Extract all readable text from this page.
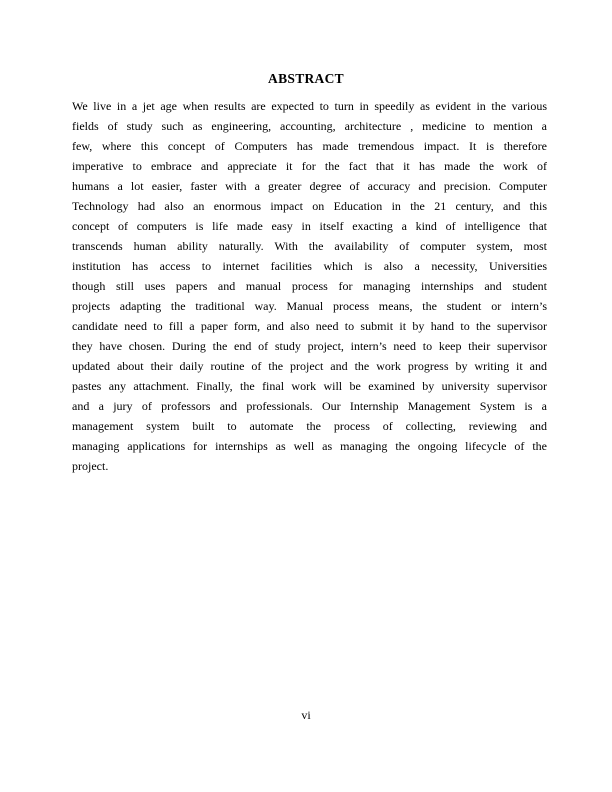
ABSTRACT
We live in a jet age when results are expected to turn in speedily as evident in the various
fields of study such as engineering, accounting, architecture , medicine to mention a
few, where this concept of Computers has made tremendous impact. It is therefore
imperative to embrace and appreciate it for the fact that it has made the work of
humans a lot easier, faster with a greater degree of accuracy and precision. Computer
Technology had also an enormous impact on Education in the 21 century, and this
concept of computers is life made easy in itself exacting a kind of intelligence that
transcends human ability naturally. With the availability of computer system, most
institution has access to internet facilities which is also a necessity, Universities
though still uses papers and manual process for managing internships and student
projects adapting the traditional way. Manual process means, the student or intern’s
candidate need to fill a paper form, and also need to submit it by hand to the supervisor
they have chosen. During the end of study project, intern’s need to keep their supervisor
updated about their daily routine of the project and the work progress by writing it and
pastes any attachment. Finally, the final work will be examined by university supervisor
and a jury of professors and professionals. Our Internship Management System is a
management system built to automate the process of collecting, reviewing and
managing applications for internships as well as managing the ongoing lifecycle of the
project.
vi
